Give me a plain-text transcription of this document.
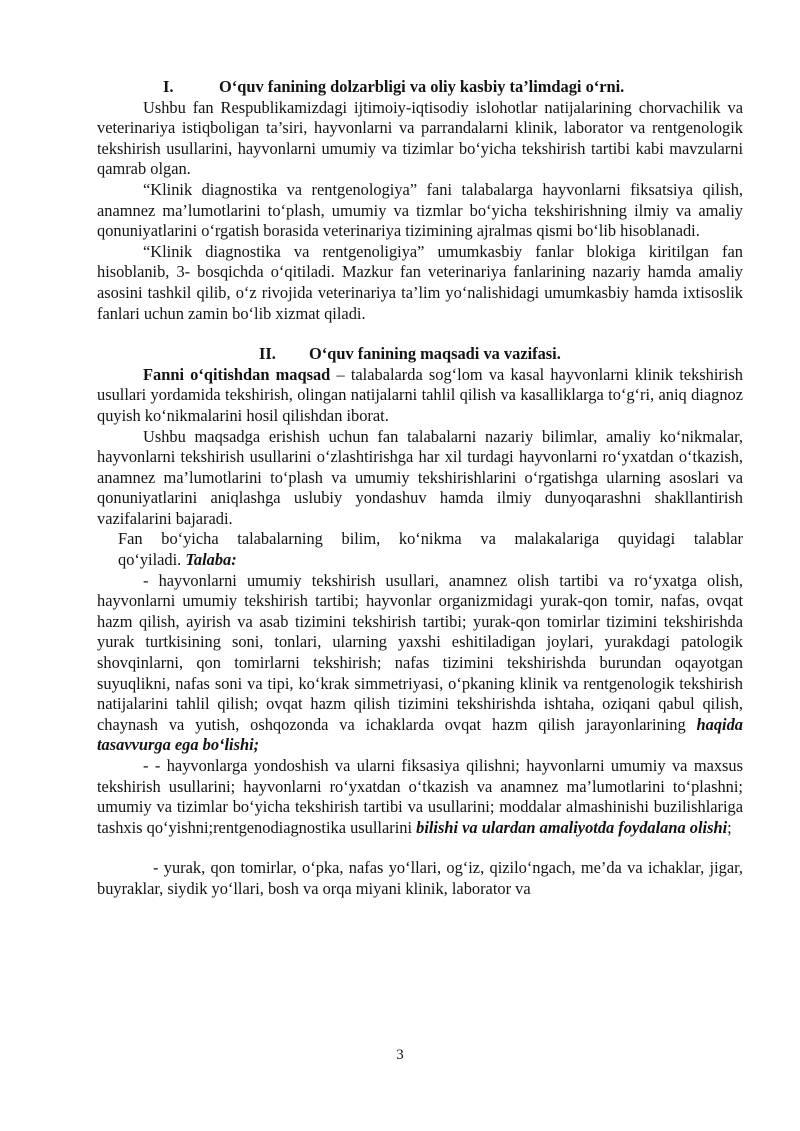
I.	O‘quv fanining dolzarbligi va oliy kasbiy ta’limdagi o‘rni.

Ushbu fan Respublikamizdagi ijtimoiy-iqtisodiy islohotlar natijalarining chorvachilik va veterinariya istiqboligan ta’siri, hayvonlarni va parrandalarni klinik, laborator va rentgenologik tekshirish usullarini, hayvonlarni umumiy va tizimlar bo‘yicha tekshirish tartibi kabi mavzularni qamrab olgan.

“Klinik diagnostika va rentgenologiya” fani talabalarga hayvonlarni fiksatsiya qilish, anamnez ma’lumotlarini to‘plash, umumiy va tizmlar bo‘yicha tekshirishning ilmiy va amaliy qonuniyatlarini o‘rgatish borasida veterinariya tizimining ajralmas qismi bo‘lib hisoblanadi.

“Klinik diagnostika va rentgenoligiya” umumkasbiy fanlar blokiga kiritilgan fan hisoblanib, 3- bosqichda o‘qitiladi. Mazkur fan veterinariya fanlarining nazariy hamda amaliy asosini tashkil qilib, o‘z rivojida veterinariya ta’lim yo‘nalishidagi umumkasbiy hamda ixtisoslik fanlari uchun zamin bo‘lib xizmat qiladi.

II. O‘quv fanining maqsadi va vazifasi.

Fanni o‘qitishdan maqsad – talabalarda sog‘lom va kasal hayvonlarni klinik tekshirish usullari yordamida tekshirish, olingan natijalarni tahlil qilish va kasalliklarga to‘g‘ri, aniq diagnoz quyish ko‘nikmalarini hosil qilishdan iborat.

Ushbu maqsadga erishish uchun fan talabalarni nazariy bilimlar, amaliy ko‘nikmalar, hayvonlarni tekshirish usullarini o‘zlashtirishga har xil turdagi hayvonlarni ro‘yxatdan o‘tkazish, anamnez ma’lumotlarini to‘plash va umumiy tekshirishlarini o‘rgatishga ularning asoslari va qonuniyatlarini aniqlashga uslubiy yondashuv hamda ilmiy dunyoqarashni shakllantirish vazifalarini bajaradi.

Fan bo‘yicha talabalarning bilim, ko‘nikma va malakalariga quyidagi talablar
qo‘yiladi. Talaba:

- hayvonlarni umumiy tekshirish usullari, anamnez olish tartibi va ro‘yxatga olish, hayvonlarni umumiy tekshirish tartibi; hayvonlar organizmidagi yurak-qon tomir, nafas, ovqat hazm qilish, ayirish va asab tizimini tekshirish tartibi; yurak-qon tomirlar tizimini tekshirishda yurak turtkisining soni, tonlari, ularning yaxshi eshitiladigan joylari, yurakdagi patologik shovqinlarni, qon tomirlarni tekshirish; nafas tizimini tekshirishda burundan oqayotgan suyuqlikni, nafas soni va tipi, ko‘krak simmetriyasi, o‘pkaning klinik va rentgenologik tekshirish natijalarini tahlil qilish; ovqat hazm qilish tizimini tekshirishda ishtaha, oziqani qabul qilish, chaynash va yutish, oshqozonda va ichaklarda ovqat hazm qilish jarayonlarining haqida tasavvurga ega bo‘lishi;

- - hayvonlarga yondoshish va ularni fiksasiya qilishni; hayvonlarni umumiy va maxsus tekshirish usullarini; hayvonlarni ro‘yxatdan o‘tkazish va anamnez ma’lumotlarini to‘plashni; umumiy va tizimlar bo‘yicha tekshirish tartibi va usullarini; moddalar almashinishi buzilishlariga tashxis qo‘yishni;rentgenodiagnostika usullarini bilishi va ulardan amaliyotda foydalana olishi;

- yurak, qon tomirlar, o‘pka, nafas yo‘llari, og‘iz, qizilo‘ngach, me’da va ichaklar, jigar, buyraklar, siydik yo‘llari, bosh va orqa miyani klinik, laborator va

3
